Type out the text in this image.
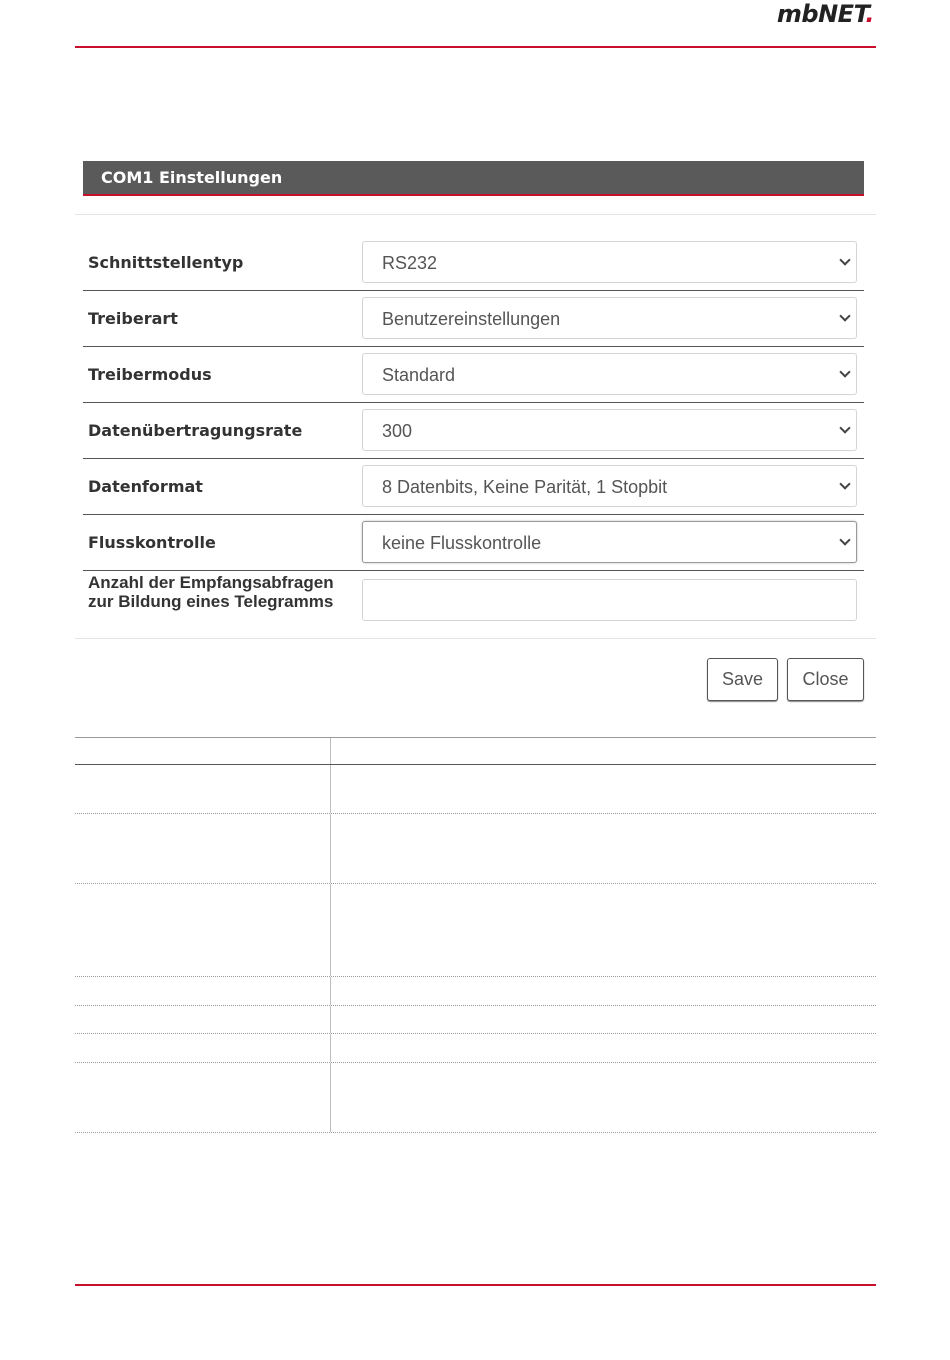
mbNET.
COM1 Einstellungen
Schnittstellentyp	RS232
Treiberart	Benutzereinstellungen
Treibermodus	Standard
Datenübertragungsrate	300
Datenformat	8 Datenbits, Keine Parität, 1 Stopbit
Flusskontrolle	keine Flusskontrolle
Anzahl der Empfangsabfragen
zur Bildung eines Telegramms
Save	Close
